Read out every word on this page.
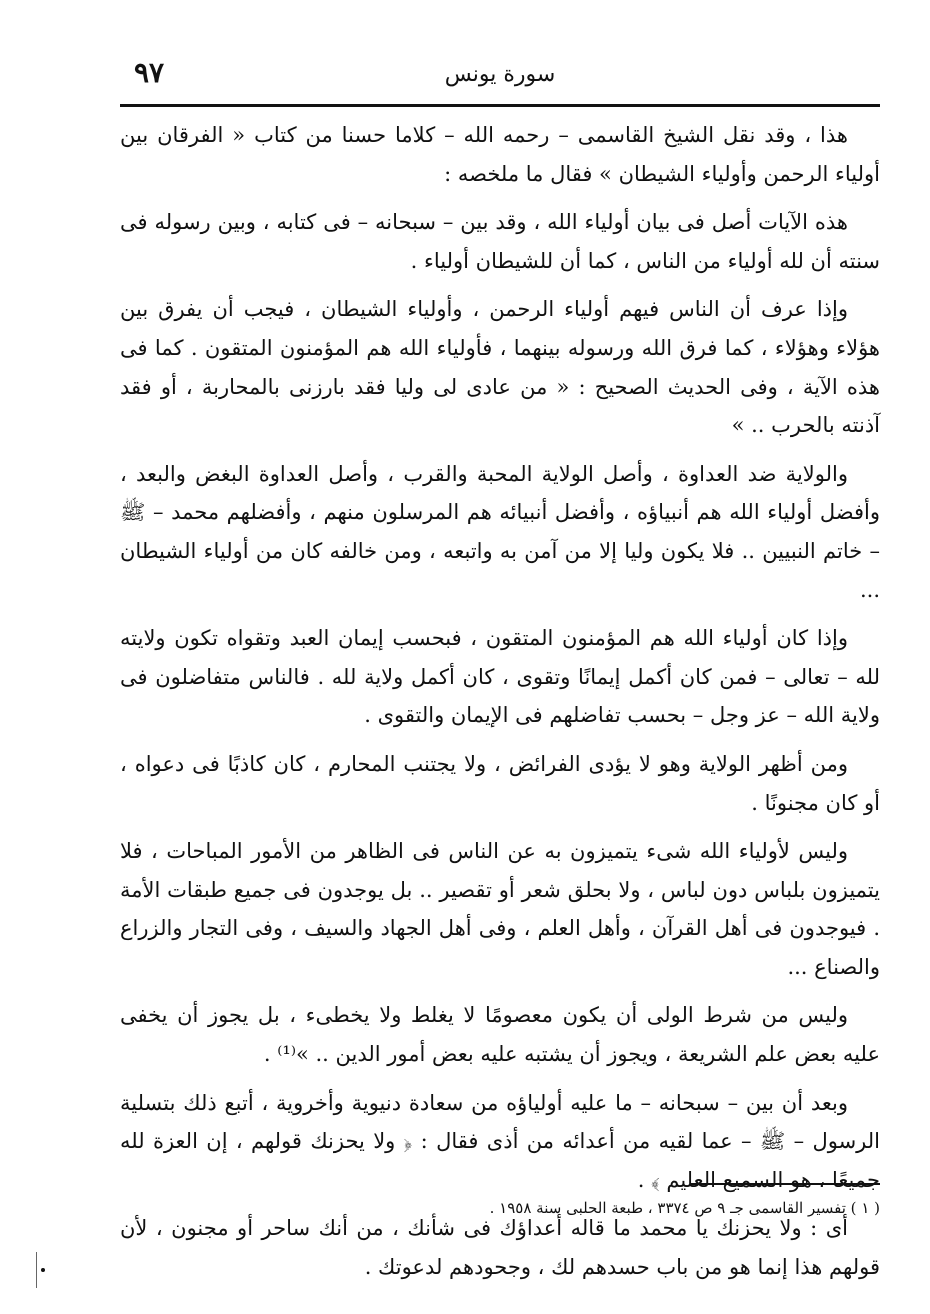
٩٧	سورة يونس

هذا ، وقد نقل الشيخ القاسمى – رحمه الله – كلاما حسنا من كتاب « الفرقان بين أولياء الرحمن وأولياء الشيطان » فقال ما ملخصه :

هذه الآيات أصل فى بيان أولياء الله ، وقد بين – سبحانه – فى كتابه ، وبين رسوله فى سنته أن لله أولياء من الناس ، كما أن للشيطان أولياء .

وإذا عرف أن الناس فيهم أولياء الرحمن ، وأولياء الشيطان ، فيجب أن يفرق بين هؤلاء وهؤلاء ، كما فرق الله ورسوله بينهما ، فأولياء الله هم المؤمنون المتقون . كما فى هذه الآية ، وفى الحديث الصحيح : « من عادى لى وليا فقد بارزنى بالمحاربة ، أو فقد آذنته بالحرب .. »

والولاية ضد العداوة ، وأصل الولاية المحبة والقرب ، وأصل العداوة البغض والبعد ، وأفضل أولياء الله هم أنبياؤه ، وأفضل أنبيائه هم المرسلون منهم ، وأفضلهم محمد – ﷺ – خاتم النبيين .. فلا يكون وليا إلا من آمن به واتبعه ، ومن خالفه كان من أولياء الشيطان ...

وإذا كان أولياء الله هم المؤمنون المتقون ، فبحسب إيمان العبد وتقواه تكون ولايته لله – تعالى – فمن كان أكمل إيمانًا وتقوى ، كان أكمل ولاية لله . فالناس متفاضلون فى ولاية الله – عز وجل – بحسب تفاضلهم فى الإيمان والتقوى .

ومن أظهر الولاية وهو لا يؤدى الفرائض ، ولا يجتنب المحارم ، كان كاذبًا فى دعواه ، أو كان مجنونًا .

وليس لأولياء الله شىء يتميزون به عن الناس فى الظاهر من الأمور المباحات ، فلا يتميزون بلباس دون لباس ، ولا بحلق شعر أو تقصير .. بل يوجدون فى جميع طبقات الأمة . فيوجدون فى أهل القرآن ، وأهل العلم ، وفى أهل الجهاد والسيف ، وفى التجار والزراع والصناع ...

وليس من شرط الولى أن يكون معصومًا لا يغلط ولا يخطىء ، بل يجوز أن يخفى عليه بعض علم الشريعة ، ويجوز أن يشتبه عليه بعض أمور الدين .. »⁽¹⁾ .

وبعد أن بين – سبحانه – ما عليه أولياؤه من سعادة دنيوية وأخروية ، أتبع ذلك بتسلية الرسول – ﷺ – عما لقيه من أعدائه من أذى فقال : ﴿ ولا يحزنك قولهم ، إن العزة لله جميعًا ، هو السميع العليم ﴾ .

أى : ولا يحزنك يا محمد ما قاله أعداؤك فى شأنك ، من أنك ساحر أو مجنون ، لأن قولهم هذا إنما هو من باب حسدهم لك ، وجحودهم لدعوتك .

( ١ ) تفسير القاسمى جـ ٩ ص ٣٣٧٤ ، طبعة الحلبى سنة ١٩٥٨ .
